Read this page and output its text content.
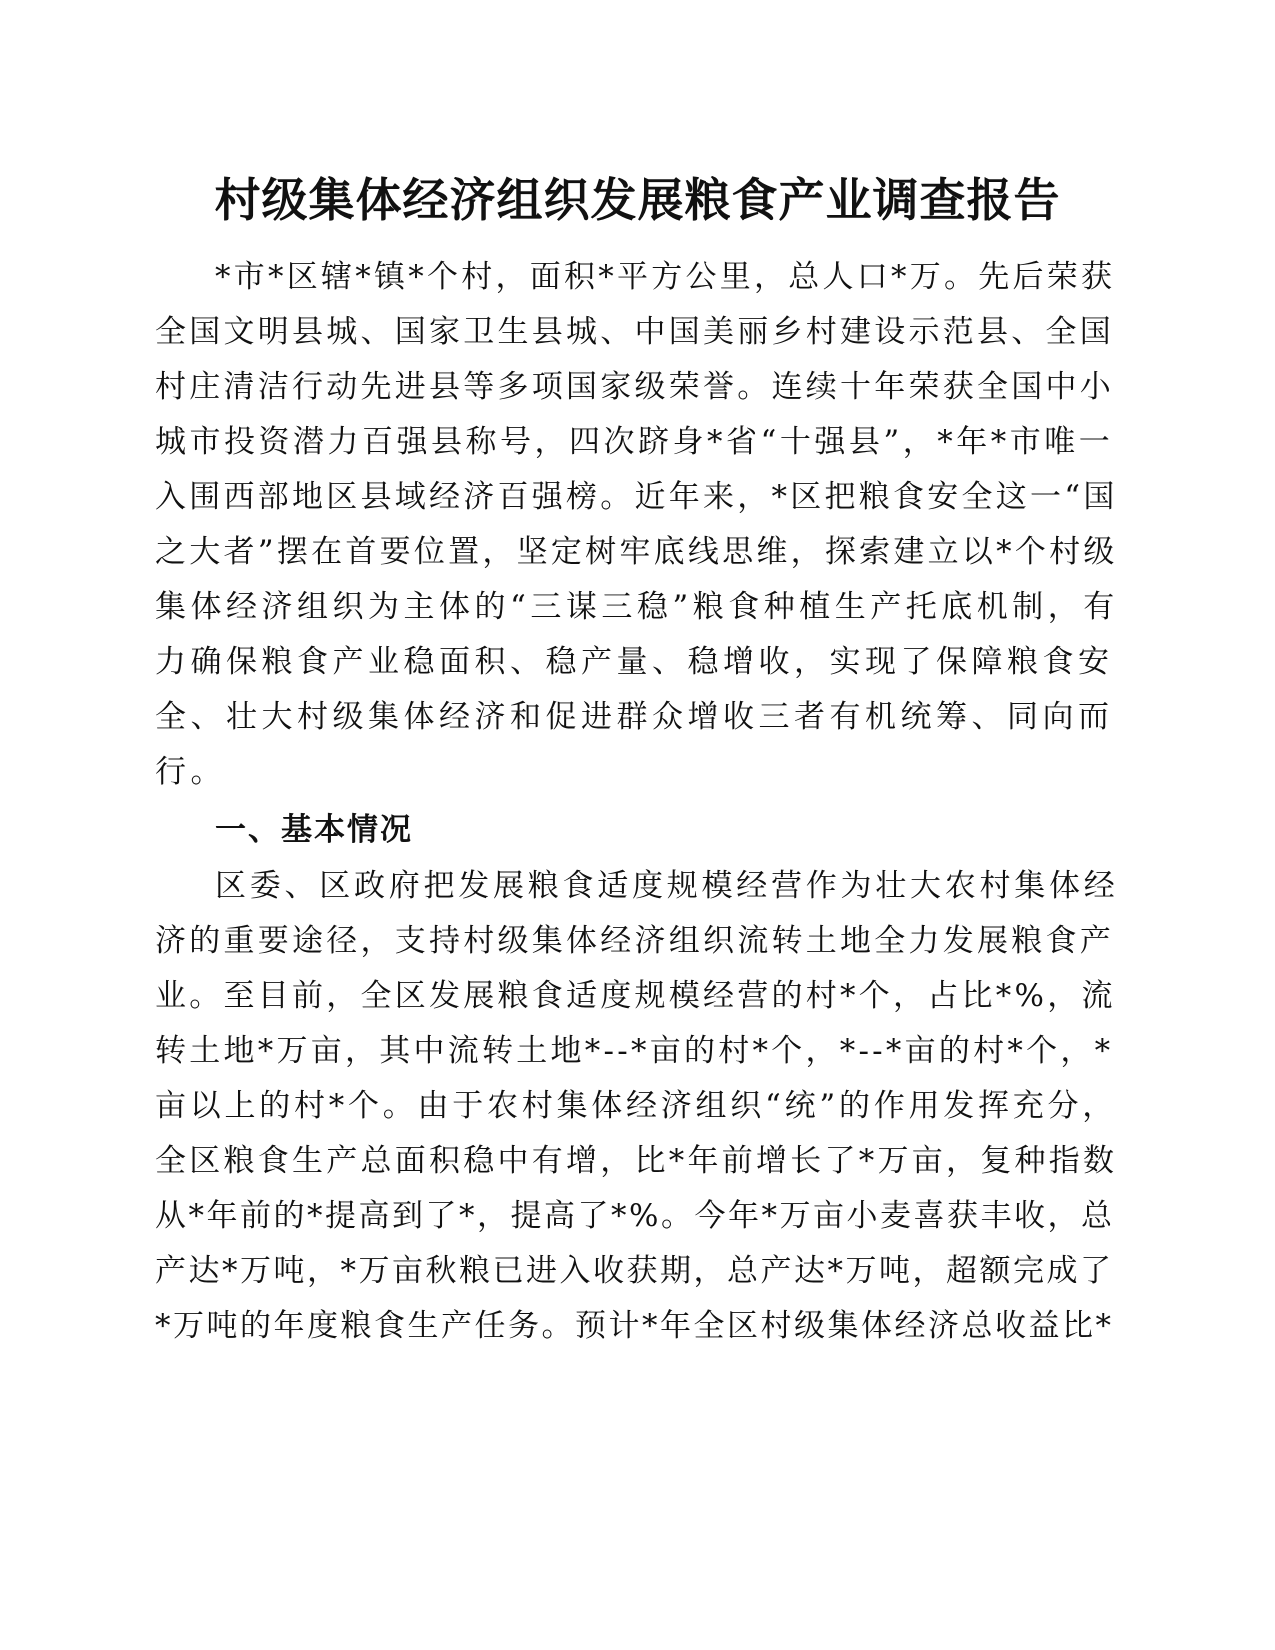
村级集体经济组织发展粮食产业调查报告

*市*区辖*镇*个村，面积*平方公里，总人口*万。先后荣获

全国文明县城、国家卫生县城、中国美丽乡村建设示范县、全国

村庄清洁行动先进县等多项国家级荣誉。连续十年荣获全国中小

城市投资潜力百强县称号，四次跻身*省“十强县”，*年*市唯一

入围西部地区县域经济百强榜。近年来，*区把粮食安全这一“国

之大者”摆在首要位置，坚定树牢底线思维，探索建立以*个村级

集体经济组织为主体的“三谋三稳”粮食种植生产托底机制，有

力确保粮食产业稳面积、稳产量、稳增收，实现了保障粮食安

全、壮大村级集体经济和促进群众增收三者有机统筹、同向而

行。

一、基本情况

区委、区政府把发展粮食适度规模经营作为壮大农村集体经

济的重要途径，支持村级集体经济组织流转土地全力发展粮食产

业。至目前，全区发展粮食适度规模经营的村*个，占比*%，流

转土地*万亩，其中流转土地*--*亩的村*个，*--*亩的村*个，*

亩以上的村*个。由于农村集体经济组织“统”的作用发挥充分，

全区粮食生产总面积稳中有增，比*年前增长了*万亩，复种指数

从*年前的*提高到了*，提高了*%。今年*万亩小麦喜获丰收，总

产达*万吨，*万亩秋粮已进入收获期，总产达*万吨，超额完成了

*万吨的年度粮食生产任务。预计*年全区村级集体经济总收益比*
